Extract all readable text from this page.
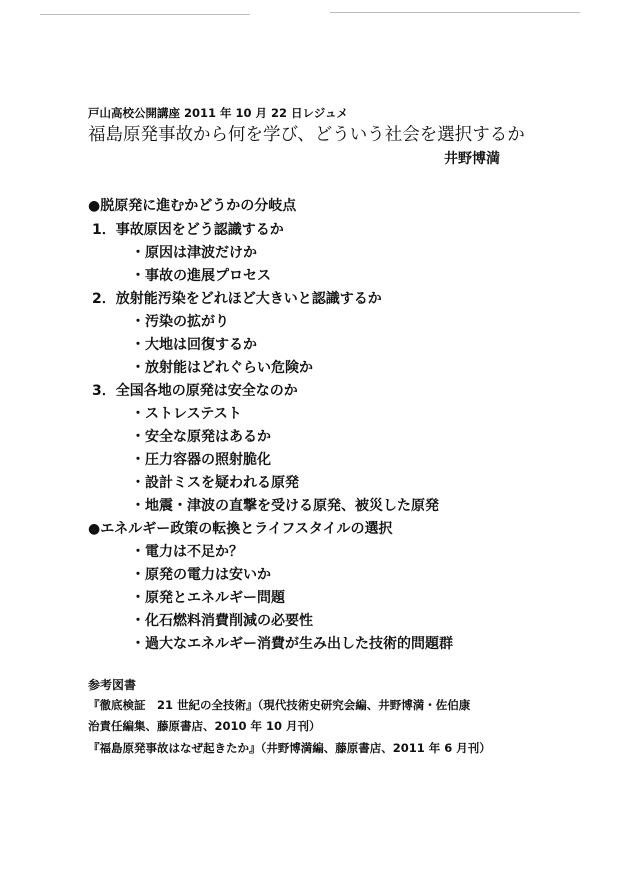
戸山高校公開講座 2011 年 10 月 22 日レジュメ
福島原発事故から何を学び、どういう社会を選択するか
井野博満
●脱原発に進むかどうかの分岐点
1．事故原因をどう認識するか
・原因は津波だけか
・事故の進展プロセス
2．放射能汚染をどれほど大きいと認識するか
・汚染の拡がり
・大地は回復するか
・放射能はどれぐらい危険か
3．全国各地の原発は安全なのか
・ストレステスト
・安全な原発はあるか
・圧力容器の照射脆化
・設計ミスを疑われる原発
・地震・津波の直撃を受ける原発、被災した原発
●エネルギー政策の転換とライフスタイルの選択
・電力は不足か？
・原発の電力は安いか
・原発とエネルギー問題
・化石燃料消費削減の必要性
・過大なエネルギー消費が生み出した技術的問題群
参考図書
『徹底検証　21 世紀の全技術』（現代技術史研究会編、井野博満・佐伯康
治責任編集、藤原書店、2010 年 10 月刊）
『福島原発事故はなぜ起きたか』（井野博満編、藤原書店、2011 年 6 月刊）
